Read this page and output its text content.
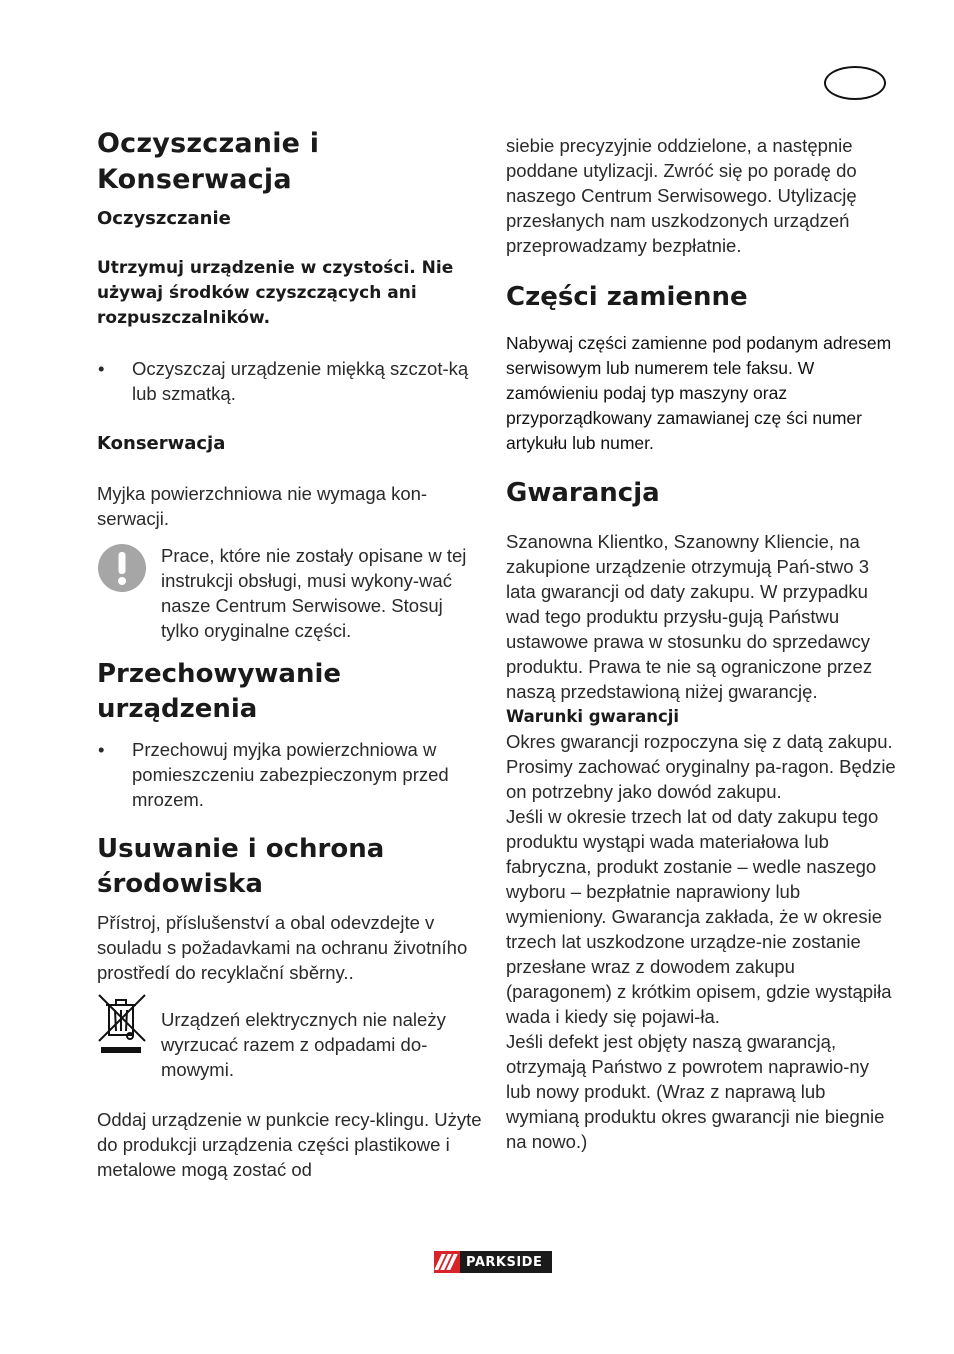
Oczyszczanie i
Konserwacja
Oczyszczanie

Utrzymuj urządzenie w czystości. Nie używaj środków czyszczących ani rozpuszczalników.

• Oczyszczaj urządzenie miękką szczot-ką lub szmatką.
Konserwacja

Myjka powierzchniowa nie wymaga kon-serwacji.

Prace, które nie zostały opisane w tej instrukcji obsługi, musi wykony-wać nasze Centrum Serwisowe. Stosuj tylko oryginalne części.
Przechowywanie urządzenia
• Przechowuj myjka powierzchniowa w pomieszczeniu zabezpieczonym przed mrozem.
Usuwanie i ochrona środowiska

Přístroj, příslušenství a obal odevzdejte v souladu s požadavkami na ochranu životního prostředí do recyklační sběrny..

Urządzeń elektrycznych nie należy wyrzucać razem z odpadami do-mowymi.

Oddaj urządzenie w punkcie recy-klingu. Użyte do produkcji urządzenia części plastikowe i metalowe mogą zostać od

siebie precyzyjnie oddzielone, a następnie poddane utylizacji. Zwróć się po poradę do naszego Centrum Serwisowego. Utylizację przesłanych nam uszkodzonych urządzeń przeprowadzamy bezpłatnie.

Części zamienne

Nabywaj części zamienne pod podanym adresem serwisowym lub numerem tele faksu. W zamówieniu podaj typ maszyny oraz przyporządkowany zamawianej czę ści numer artykułu lub numer.

Gwarancja

Szanowna Klientko, Szanowny Kliencie, na zakupione urządzenie otrzymują Pań-stwo 3 lata gwarancji od daty zakupu. W przypadku wad tego produktu przysłu-gują Państwu ustawowe prawa w stosunku do sprzedawcy produktu. Prawa te nie są ograniczone przez naszą przedstawioną niżej gwarancję.

Warunki gwarancji

Okres gwarancji rozpoczyna się z datą zakupu. Prosimy zachować oryginalny pa-ragon. Będzie on potrzebny jako dowód zakupu.

Jeśli w okresie trzech lat od daty zakupu tego produktu wystąpi wada materiałowa lub fabryczna, produkt zostanie – wedle naszego wyboru – bezpłatnie naprawiony lub wymieniony. Gwarancja zakłada, że w okresie trzech lat uszkodzone urządze-nie zostanie przesłane wraz z dowodem zakupu (paragonem) z krótkim opisem, gdzie wystąpiła wada i kiedy się pojawi-ła.

Jeśli defekt jest objęty naszą gwarancją, otrzymają Państwo z powrotem naprawio-ny lub nowy produkt. (Wraz z naprawą lub wymianą produktu okres gwarancji nie biegnie na nowo.)

PARKSIDE
